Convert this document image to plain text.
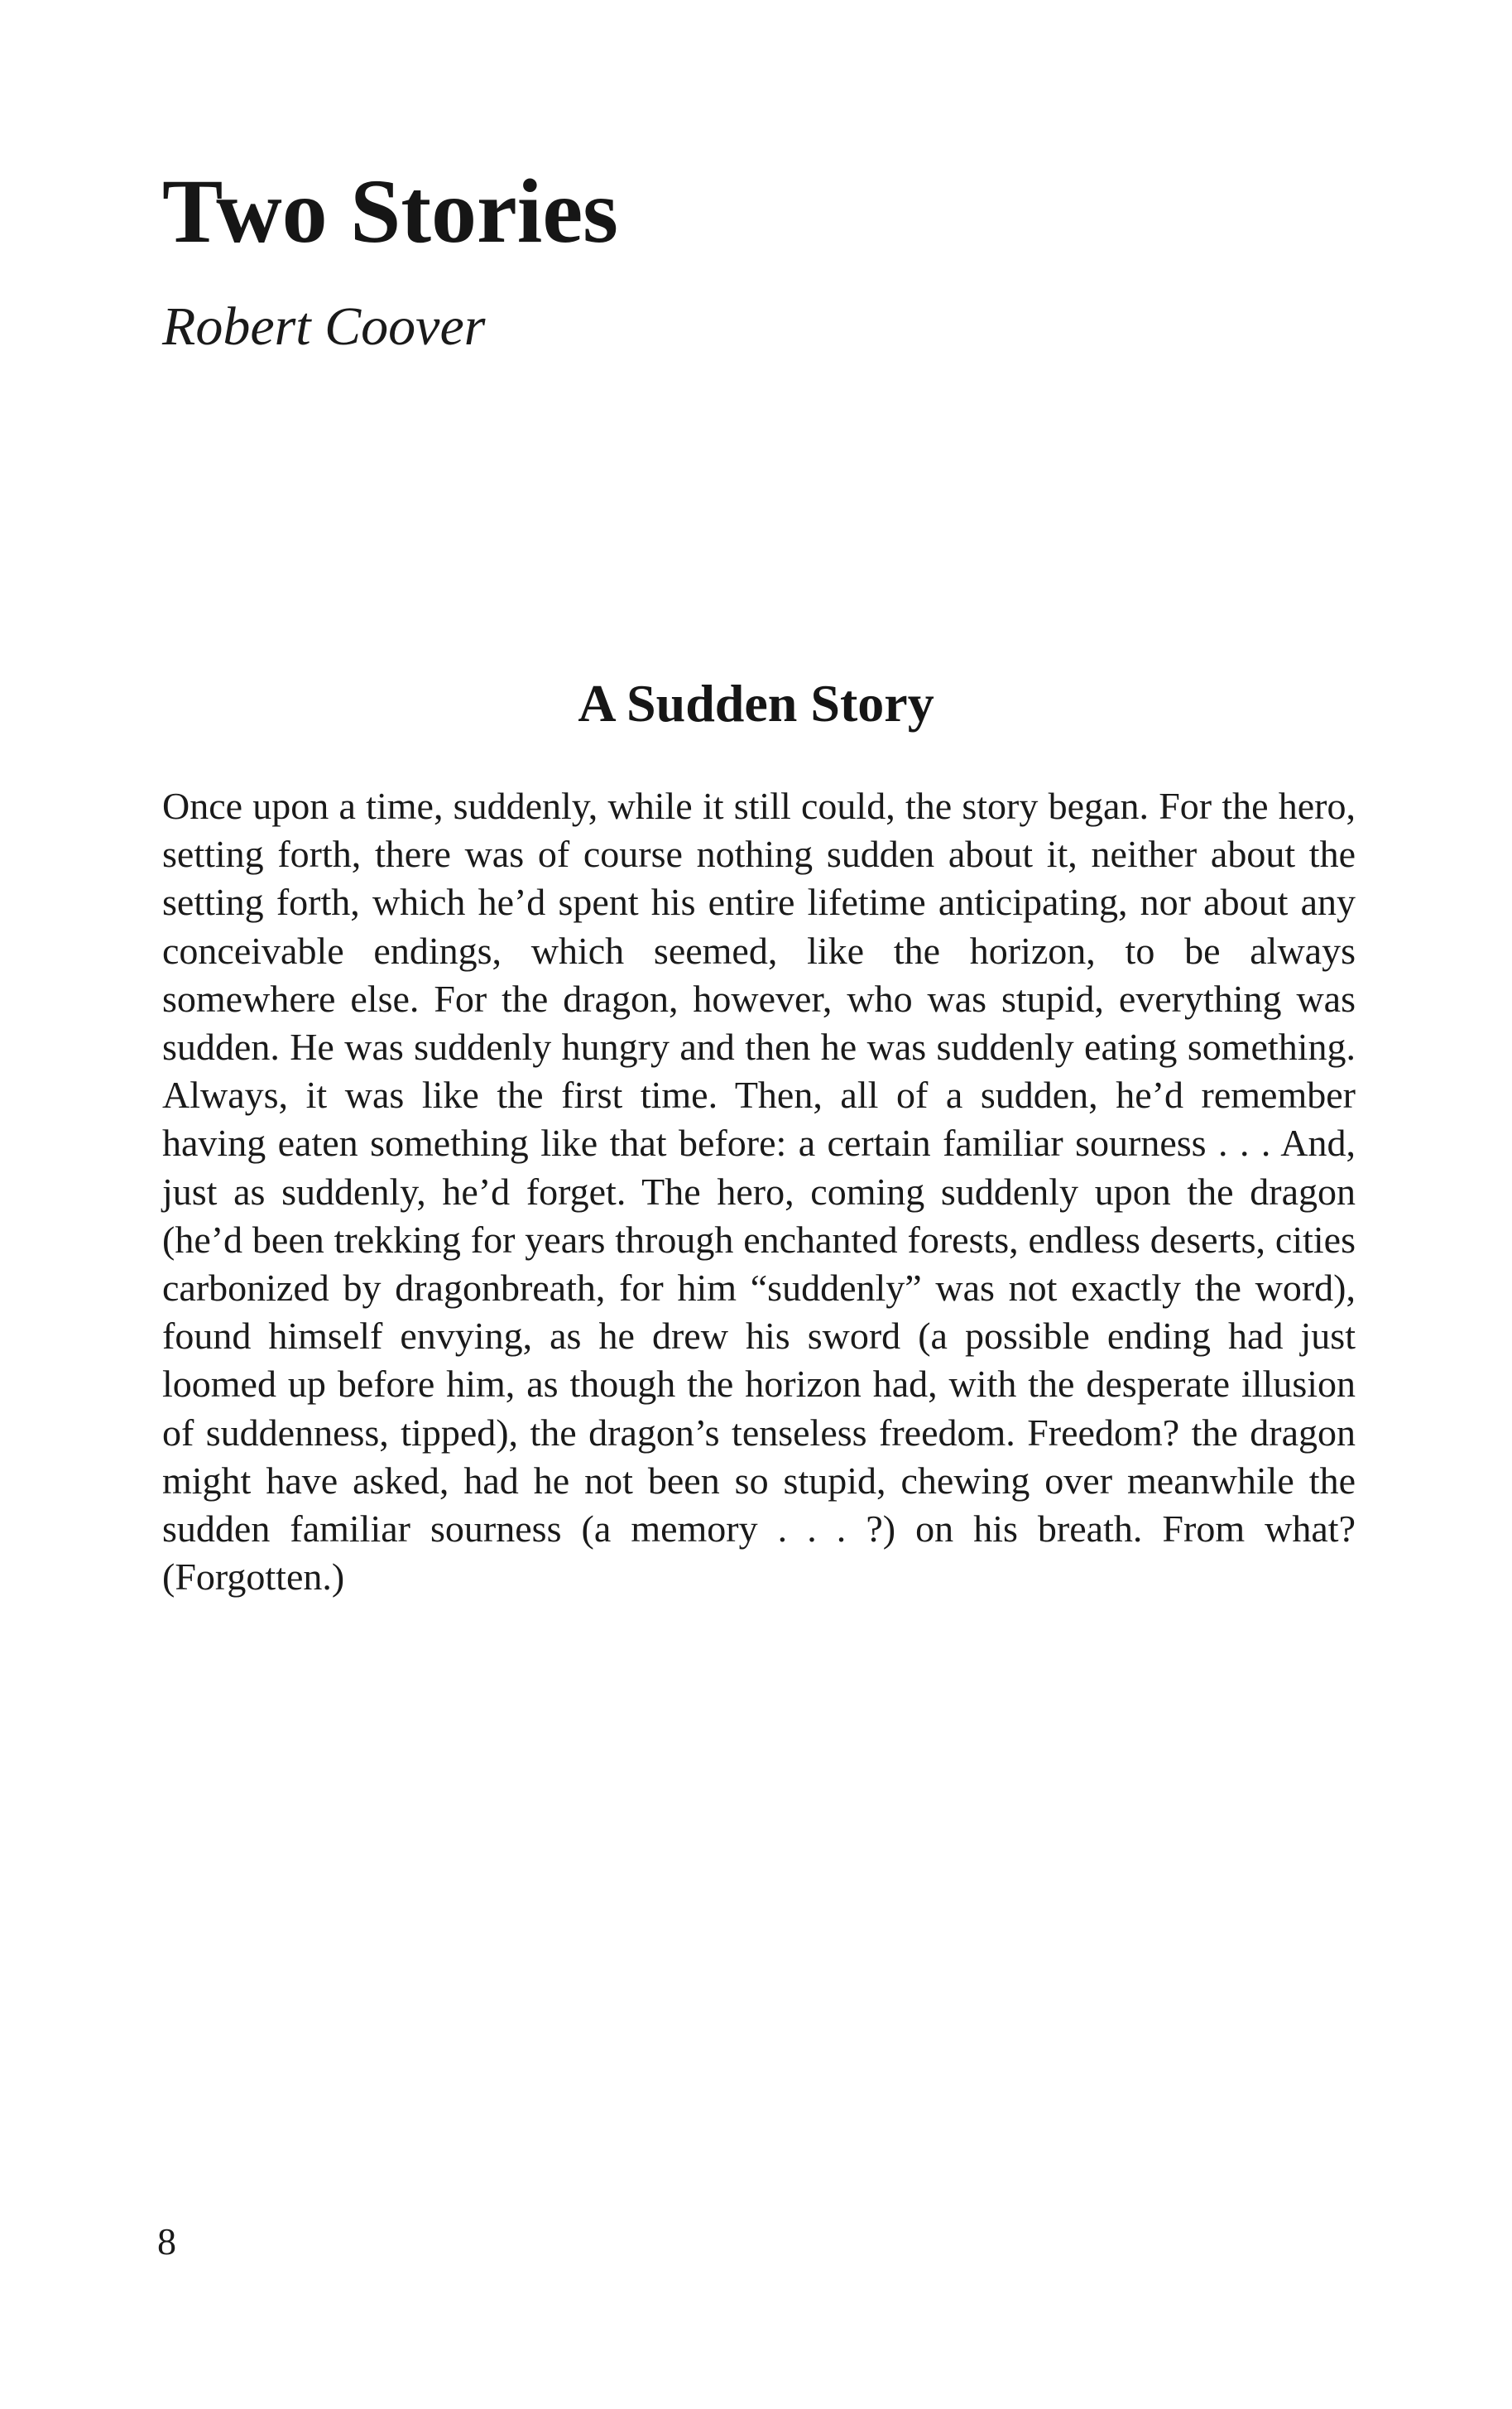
Two Stories

Robert Coover

A Sudden Story

Once upon a time, suddenly, while it still could, the story began. For the hero, setting forth, there was of course nothing sudden about it, neither about the setting forth, which he’d spent his entire lifetime anticipating, nor about any conceivable endings, which seemed, like the horizon, to be always somewhere else. For the dragon, however, who was stupid, everything was sudden. He was suddenly hungry and then he was suddenly eating something. Always, it was like the first time. Then, all of a sudden, he’d remember having eaten something like that before: a certain familiar sourness . . . And, just as suddenly, he’d forget. The hero, coming suddenly upon the dragon (he’d been trekking for years through enchanted forests, endless deserts, cities carbonized by dragonbreath, for him “suddenly” was not exactly the word), found himself envying, as he drew his sword (a possible ending had just loomed up before him, as though the horizon had, with the desperate illusion of suddenness, tipped), the dragon’s tenseless freedom. Freedom? the dragon might have asked, had he not been so stupid, chewing over meanwhile the sudden familiar sourness (a memory . . . ?) on his breath. From what? (Forgotten.)

8
